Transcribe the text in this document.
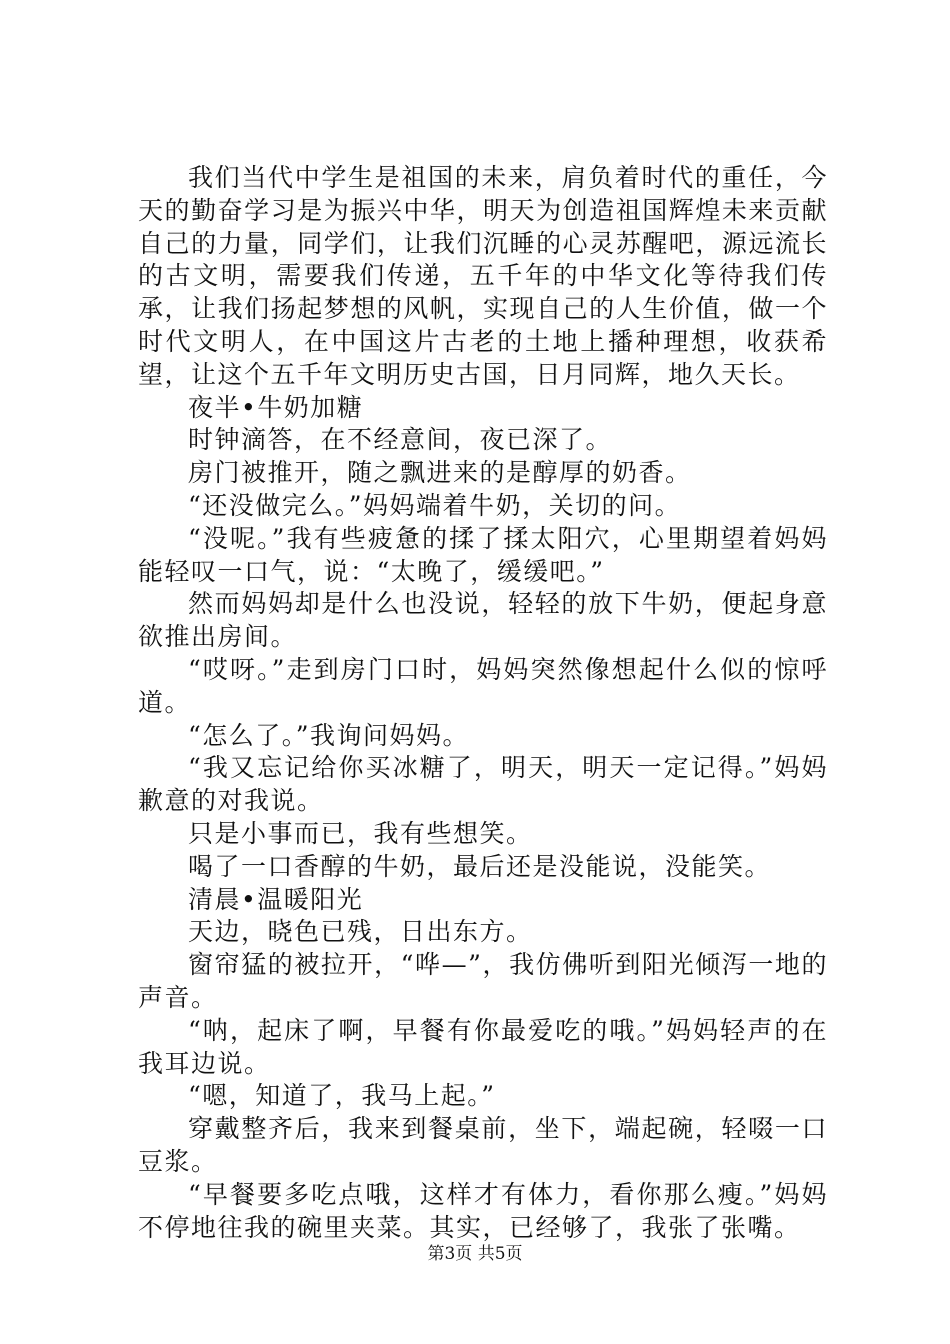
我们当代中学生是祖国的未来，肩负着时代的重任，今天的勤奋学习是为振兴中华，明天为创造祖国辉煌未来贡献自己的力量，同学们，让我们沉睡的心灵苏醒吧，源远流长的古文明，需要我们传递，五千年的中华文化等待我们传承，让我们扬起梦想的风帆，实现自己的人生价值，做一个时代文明人，在中国这片古老的土地上播种理想，收获希望，让这个五千年文明历史古国，日月同辉，地久天长。

夜半•牛奶加糖

时钟滴答，在不经意间，夜已深了。

房门被推开，随之飘进来的是醇厚的奶香。

“还没做完么。”妈妈端着牛奶，关切的问。

“没呢。”我有些疲惫的揉了揉太阳穴，心里期望着妈妈能轻叹一口气，说：“太晚了，缓缓吧。”

然而妈妈却是什么也没说，轻轻的放下牛奶，便起身意欲推出房间。

“哎呀。”走到房门口时，妈妈突然像想起什么似的惊呼道。

“怎么了。”我询问妈妈。

“我又忘记给你买冰糖了，明天，明天一定记得。”妈妈歉意的对我说。

只是小事而已，我有些想笑。

喝了一口香醇的牛奶，最后还是没能说，没能笑。

清晨•温暖阳光

天边，晓色已残，日出东方。

窗帘猛的被拉开，“哗—”，我仿佛听到阳光倾泻一地的声音。

“呐，起床了啊，早餐有你最爱吃的哦。”妈妈轻声的在我耳边说。

“嗯，知道了，我马上起。”

穿戴整齐后，我来到餐桌前，坐下，端起碗，轻啜一口豆浆。

“早餐要多吃点哦，这样才有体力，看你那么瘦。”妈妈不停地往我的碗里夹菜。其实，已经够了，我张了张嘴。

第3页 共5页
